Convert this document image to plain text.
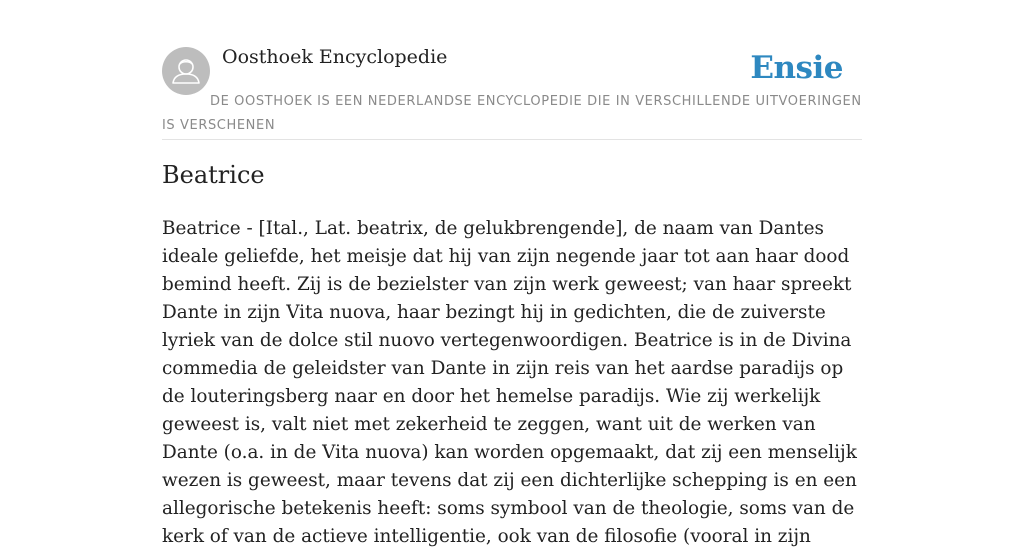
Oosthoek Encyclopedie	Ensie
DE OOSTHOEK IS EEN NEDERLANDSE ENCYCLOPEDIE DIE IN VERSCHILLENDE UITVOERINGEN IS VERSCHENEN
Beatrice

Beatrice - [Ital., Lat. beatrix, de gelukbrengende], de naam van Dantes ideale geliefde, het meisje dat hij van zijn negende jaar tot aan haar dood bemind heeft. Zij is de bezielster van zijn werk geweest; van haar spreekt Dante in zijn Vita nuova, haar bezingt hij in gedichten, die de zuiverste lyriek van de dolce stil nuovo vertegenwoordigen. Beatrice is in de Divina commedia de geleidster van Dante in zijn reis van het aardse paradijs op de louteringsberg naar en door het hemelse paradijs. Wie zij werkelijk geweest is, valt niet met zekerheid te zeggen, want uit de werken van Dante (o.a. in de Vita nuova) kan worden opgemaakt, dat zij een menselijk wezen is geweest, maar tevens dat zij een dichterlijke schepping is en een allegorische betekenis heeft: soms symbool van de theologie, soms van de kerk of van de actieve intelligentie, ook van de filosofie (vooral in zijn
